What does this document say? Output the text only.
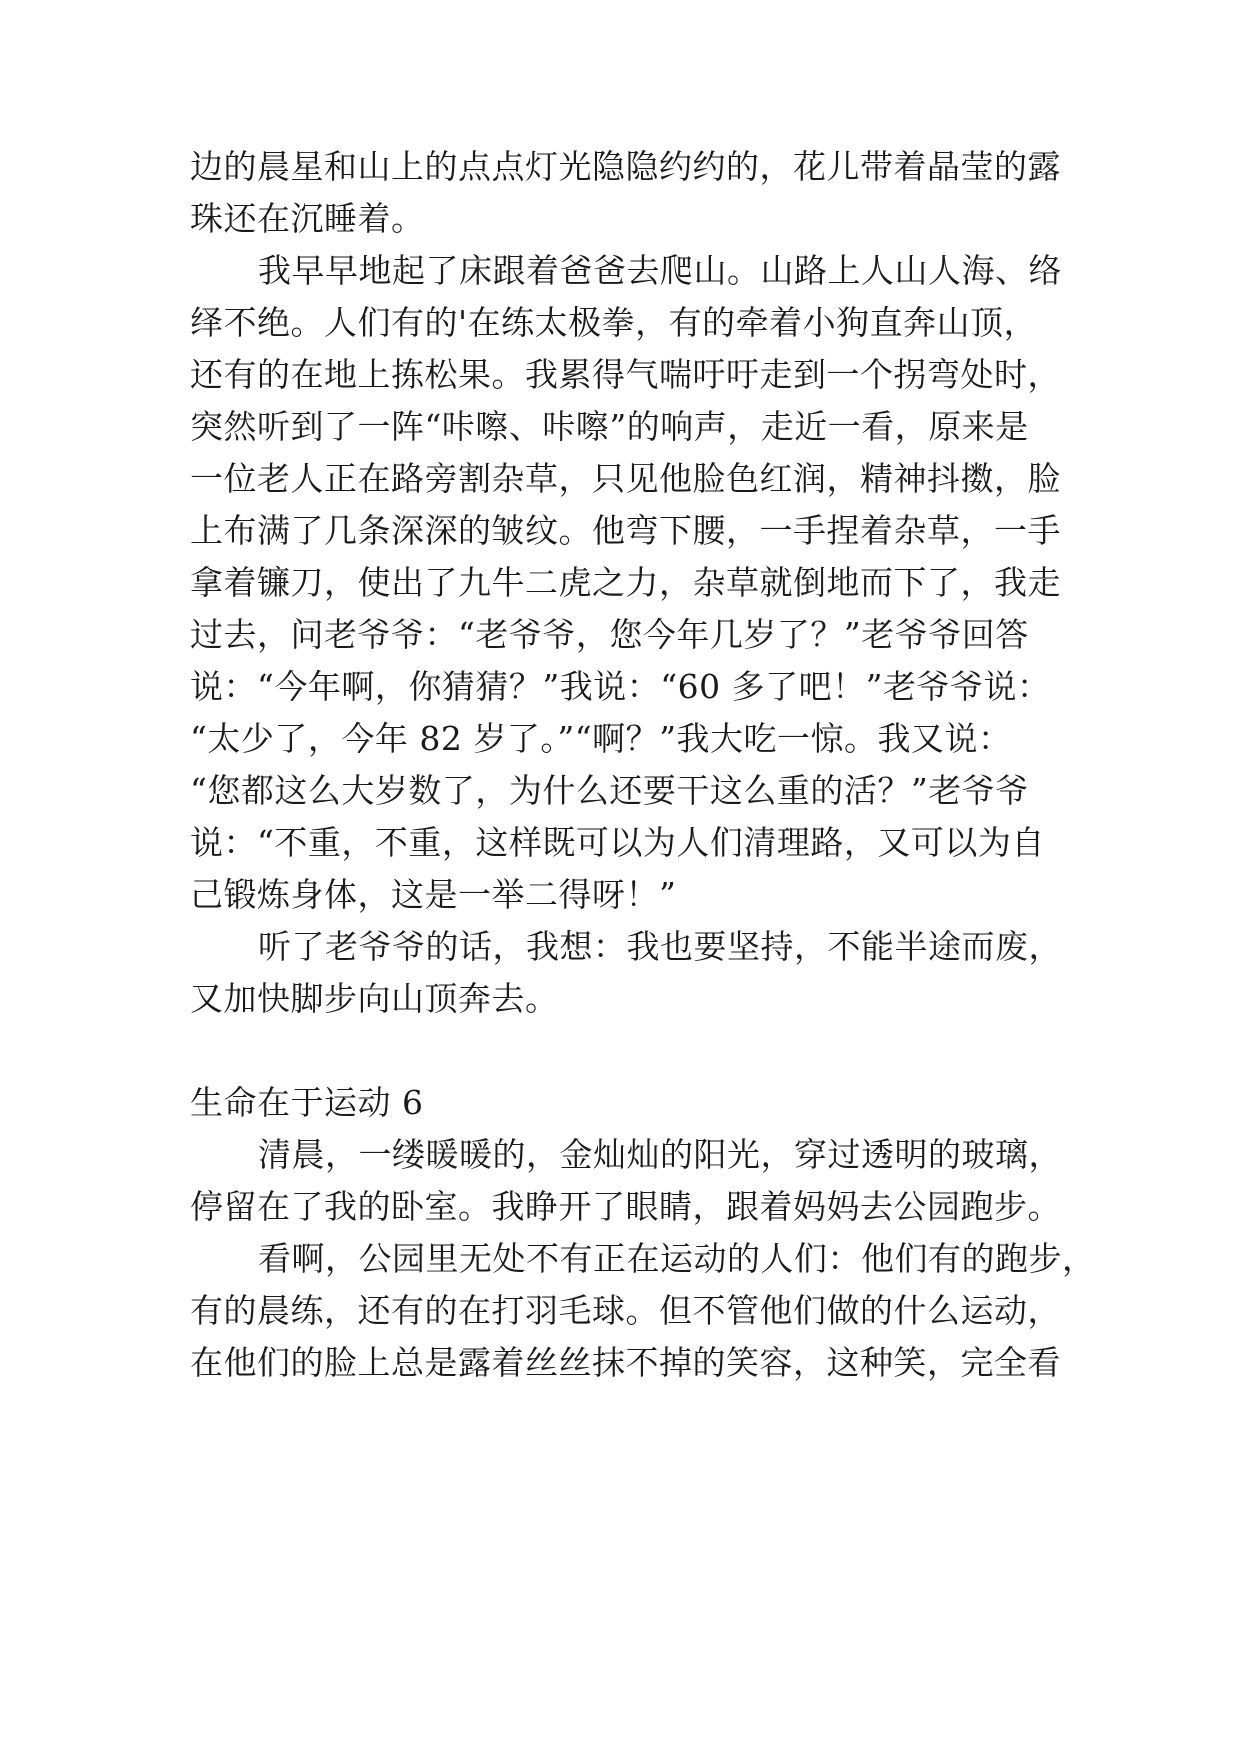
边的晨星和山上的点点灯光隐隐约约的，花儿带着晶莹的露
珠还在沉睡着。
我早早地起了床跟着爸爸去爬山。山路上人山人海、络
绎不绝。人们有的'在练太极拳，有的牵着小狗直奔山顶，
还有的在地上拣松果。我累得气喘吁吁走到一个拐弯处时，
突然听到了一阵“咔嚓、咔嚓”的响声，走近一看，原来是
一位老人正在路旁割杂草，只见他脸色红润，精神抖擞，脸
上布满了几条深深的皱纹。他弯下腰，一手捏着杂草，一手
拿着镰刀，使出了九牛二虎之力，杂草就倒地而下了，我走
过去，问老爷爷：“老爷爷，您今年几岁了？”老爷爷回答
说：“今年啊，你猜猜？”我说：“60 多了吧！”老爷爷说：
“太少了，今年 82 岁了。”“啊？”我大吃一惊。我又说：
“您都这么大岁数了，为什么还要干这么重的活？”老爷爷
说：“不重，不重，这样既可以为人们清理路，又可以为自
己锻炼身体，这是一举二得呀！”
听了老爷爷的话，我想：我也要坚持，不能半途而废，
又加快脚步向山顶奔去。
生命在于运动 6
清晨，一缕暖暖的，金灿灿的阳光，穿过透明的玻璃，
停留在了我的卧室。我睁开了眼睛，跟着妈妈去公园跑步。
看啊，公园里无处不有正在运动的人们：他们有的跑步，
有的晨练，还有的在打羽毛球。但不管他们做的什么运动，
在他们的脸上总是露着丝丝抹不掉的笑容，这种笑，完全看
